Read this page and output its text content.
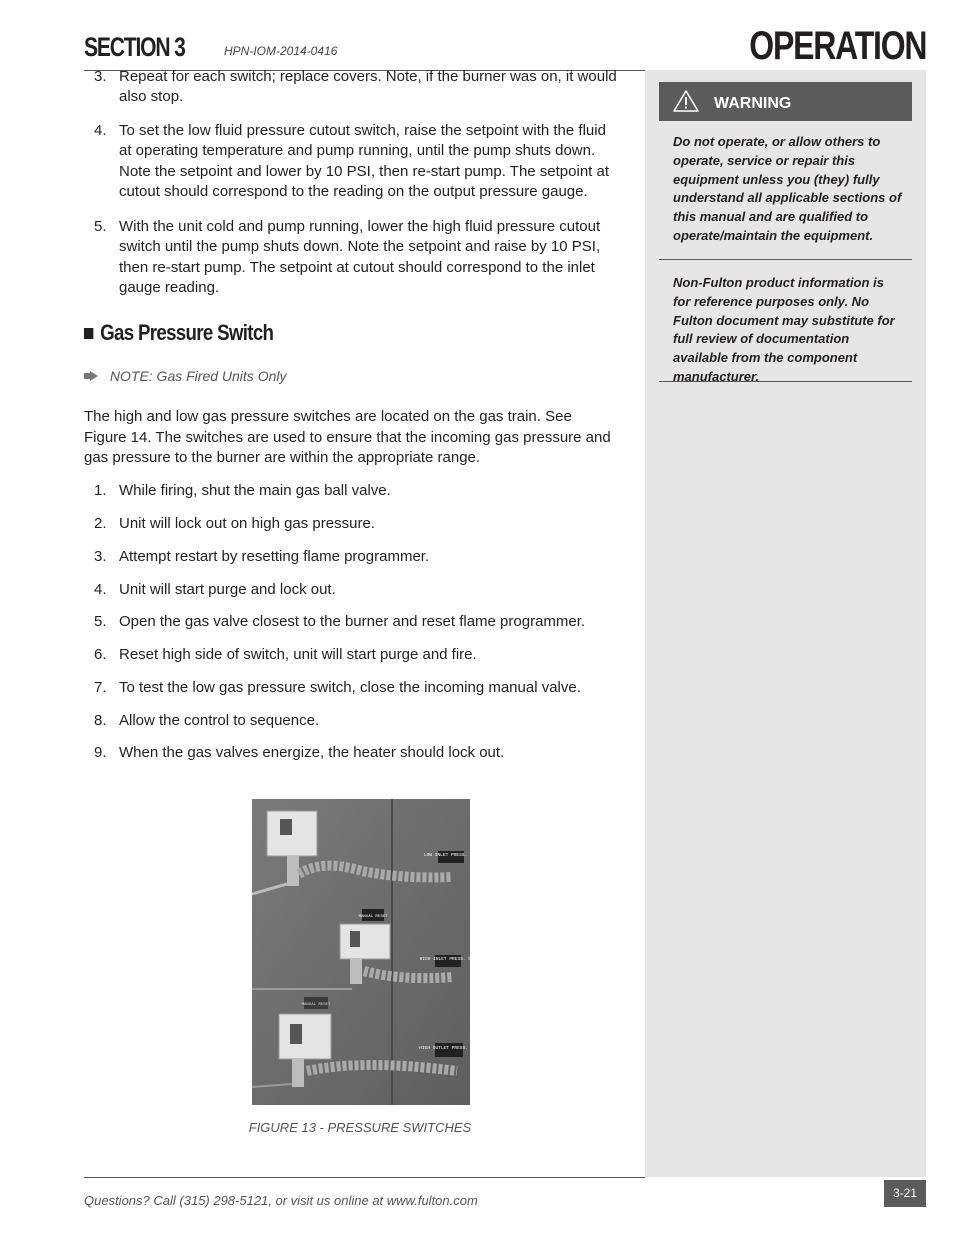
SECTION 3	HPN-IOM-2014-0416	OPERATION
WARNING
Do not operate, or allow others to operate, service or repair this equipment unless you (they) fully understand all applicable sections of this manual and are qualified to operate/maintain the equipment.
Non-Fulton product information is for reference purposes only. No Fulton document may substitute for full review of documentation available from the component manufacturer.
3. Repeat for each switch; replace covers. Note, if the burner was on, it would also stop.
4. To set the low fluid pressure cutout switch, raise the setpoint with the fluid at operating temperature and pump running, until the pump shuts down. Note the setpoint and lower by 10 PSI, then re-start pump. The setpoint at cutout should correspond to the reading on the output pressure gauge.
5. With the unit cold and pump running, lower the high fluid pressure cutout switch until the pump shuts down. Note the setpoint and raise by 10 PSI, then re-start pump. The setpoint at cutout should correspond to the inlet gauge reading.
Gas Pressure Switch
NOTE: Gas Fired Units Only
The high and low gas pressure switches are located on the gas train. See Figure 14. The switches are used to ensure that the incoming gas pressure and gas pressure to the burner are within the appropriate range.
1. While firing, shut the main gas ball valve.
2. Unit will lock out on high gas pressure.
3. Attempt restart by resetting flame programmer.
4. Unit will start purge and lock out.
5. Open the gas valve closest to the burner and reset flame programmer.
6. Reset high side of switch, unit will start purge and fire.
7. To test the low gas pressure switch, close the incoming manual valve.
8. Allow the control to sequence.
9. When the gas valves energize, the heater should lock out.
LOW INLET PRESS. SW.
MANUAL RESET
HIGH INLET PRESS. SW.
MANUAL RESET
HIGH OUTLET PRESS. SW.
FIGURE 13 - PRESSURE SWITCHES
Questions? Call (315) 298-5121, or visit us online at www.fulton.com	3-21
